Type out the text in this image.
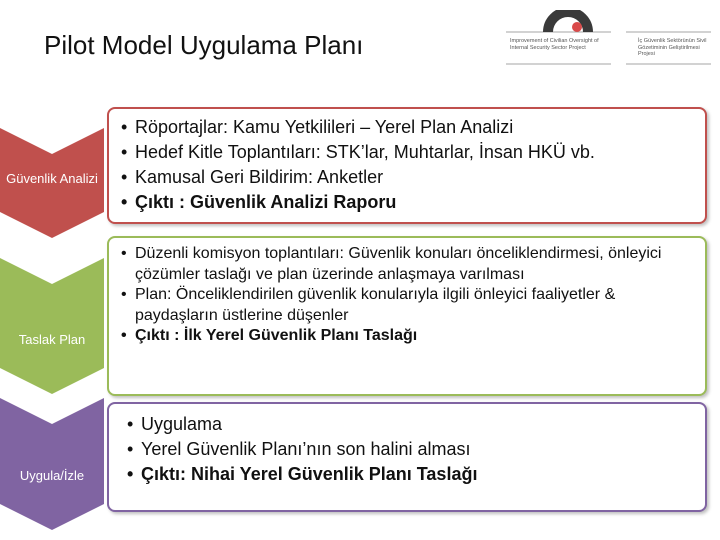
Pilot Model Uygulama Planı	Improvement of Civilian Oversight of Internal Security Sector Project
İç Güvenlik Sektörünün Sivil Gözetiminin Geliştirilmesi Projesi
Güvenlik Analizi
• Röportajlar: Kamu Yetkilileri – Yerel Plan Analizi
• Hedef Kitle Toplantıları: STK’lar, Muhtarlar, İnsan HKÜ vb.
• Kamusal Geri Bildirim: Anketler
• Çıktı : Güvenlik Analizi Raporu
Taslak Plan
• Düzenli komisyon toplantıları: Güvenlik konuları önceliklendirmesi, önleyici çözümler taslağı ve plan üzerinde anlaşmaya varılması
• Plan: Önceliklendirilen güvenlik konularıyla ilgili önleyici faaliyetler & paydaşların üstlerine düşenler
• Çıktı : İlk Yerel Güvenlik Planı Taslağı
Uygula/İzle
• Uygulama
• Yerel Güvenlik Planı’nın son halini alması
• Çıktı: Nihai Yerel Güvenlik Planı Taslağı
